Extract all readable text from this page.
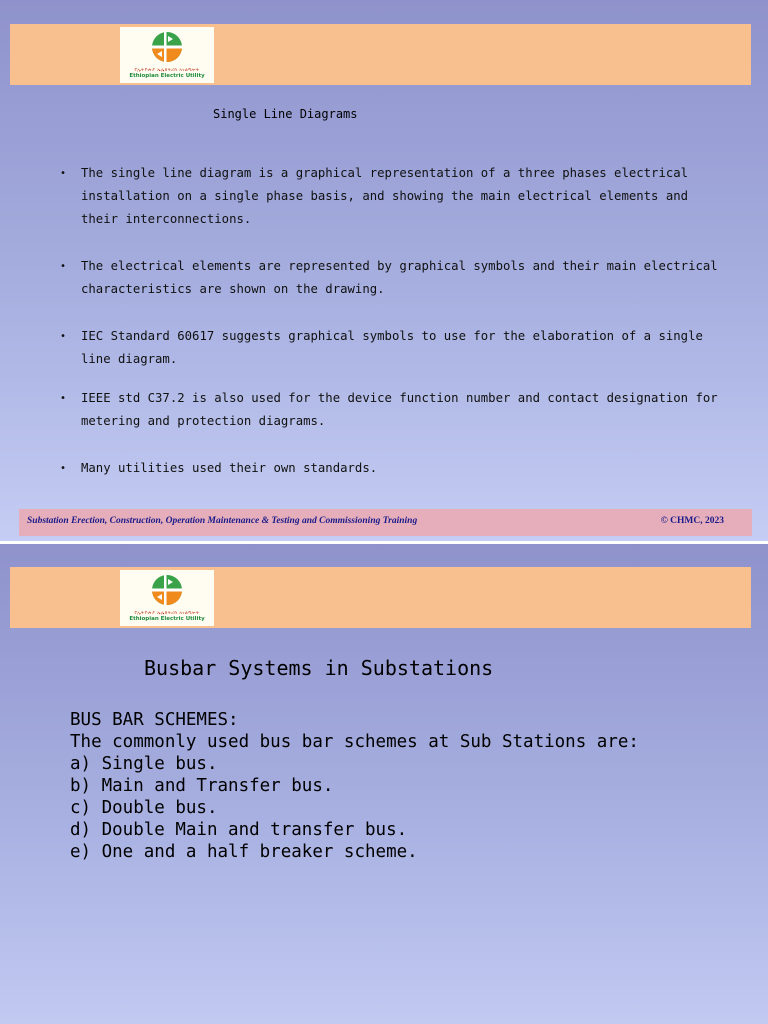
የኢትዮጵያ ኤሌክትሪክ አገልግሎት
Ethiopian Electric Utility
Single Line Diagrams
•	The single line diagram is a graphical representation of a three phases electrical installation on a single phase basis, and showing the main electrical elements and their interconnections.
•	The electrical elements are represented by graphical symbols and their main electrical characteristics are shown on the drawing.
•	IEC Standard 60617 suggests graphical symbols to use for the elaboration of a single line diagram.
•	IEEE std C37.2 is also used for the device function number and contact designation for metering and protection diagrams.
•	Many utilities used their own standards.
Substation Erection, Construction, Operation Maintenance & Testing and Commissioning Training	© CHMC, 2023
የኢትዮጵያ ኤሌክትሪክ አገልግሎት
Ethiopian Electric Utility
Busbar Systems in Substations
BUS BAR SCHEMES:
The commonly used bus bar schemes at Sub Stations are:
a) Single bus.
b) Main and Transfer bus.
c) Double bus.
d) Double Main and transfer bus.
e) One and a half breaker scheme.
